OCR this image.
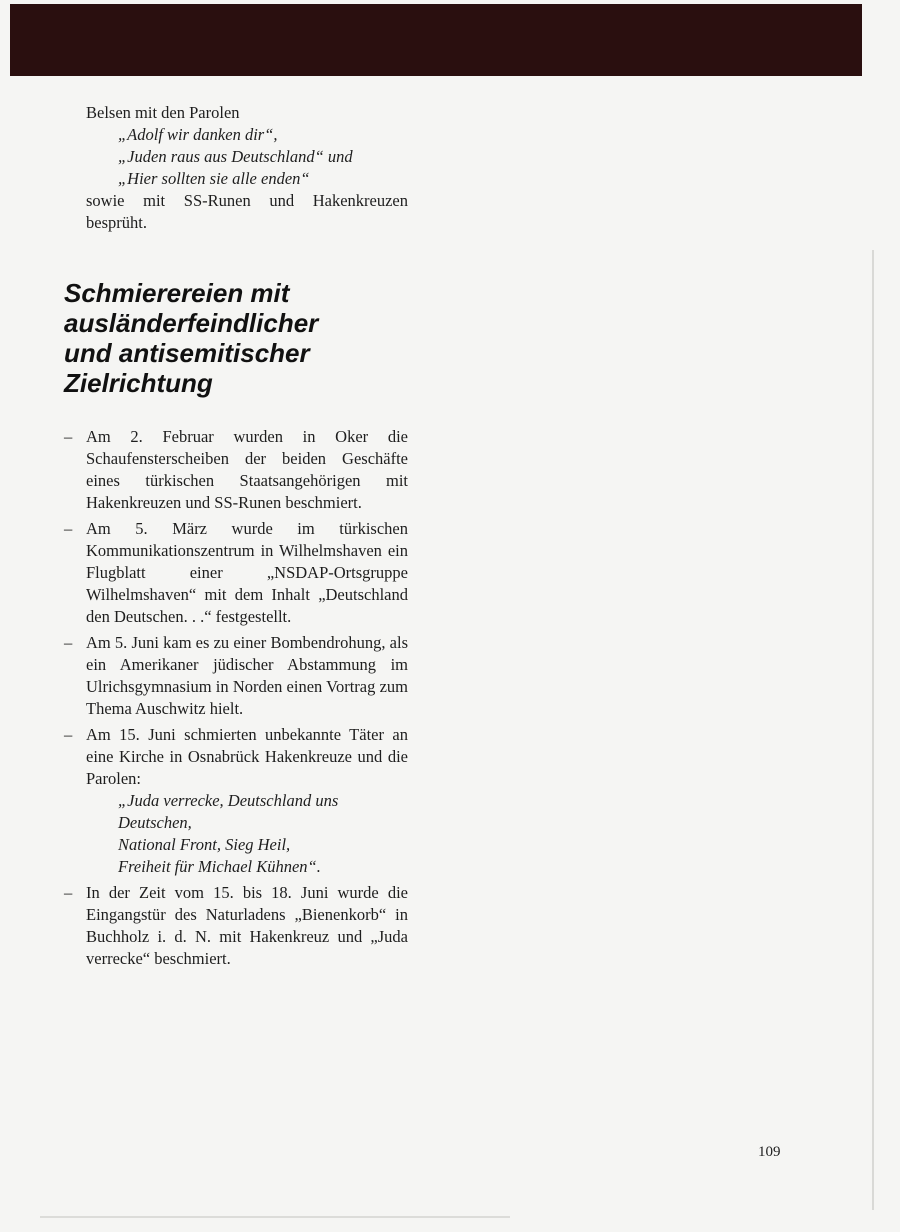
Belsen mit den Parolen

„Adolf wir danken dir“,
„Juden raus aus Deutschland“ und
„Hier sollten sie alle enden“

sowie mit SS-Runen und Hakenkreuzen besprüht.

Schmierereien mit
ausländerfeindlicher
und antisemitischer
Zielrichtung
– Am 2. Februar wurden in Oker die Schaufensterscheiben der beiden Geschäfte eines türkischen Staatsangehörigen mit Hakenkreuzen und SS-Runen beschmiert.
– Am 5. März wurde im türkischen Kommunikationszentrum in Wilhelmshaven ein Flugblatt einer „NSDAP-Ortsgruppe Wilhelmshaven“ mit dem Inhalt „Deutschland den Deutschen. . .“ festgestellt.
– Am 5. Juni kam es zu einer Bombendrohung, als ein Amerikaner jüdischer Abstammung im Ulrichsgymnasium in Norden einen Vortrag zum Thema Auschwitz hielt.
– Am 15. Juni schmierten unbekannte Täter an eine Kirche in Osnabrück Hakenkreuze und die Parolen:
„Juda verrecke, Deutschland uns Deutschen,
National Front, Sieg Heil,
Freiheit für Michael Kühnen“.
– In der Zeit vom 15. bis 18. Juni wurde die Eingangstür des Naturladens „Bienenkorb“ in Buchholz i. d. N. mit Hakenkreuz und „Juda verrecke“ beschmiert.
109
